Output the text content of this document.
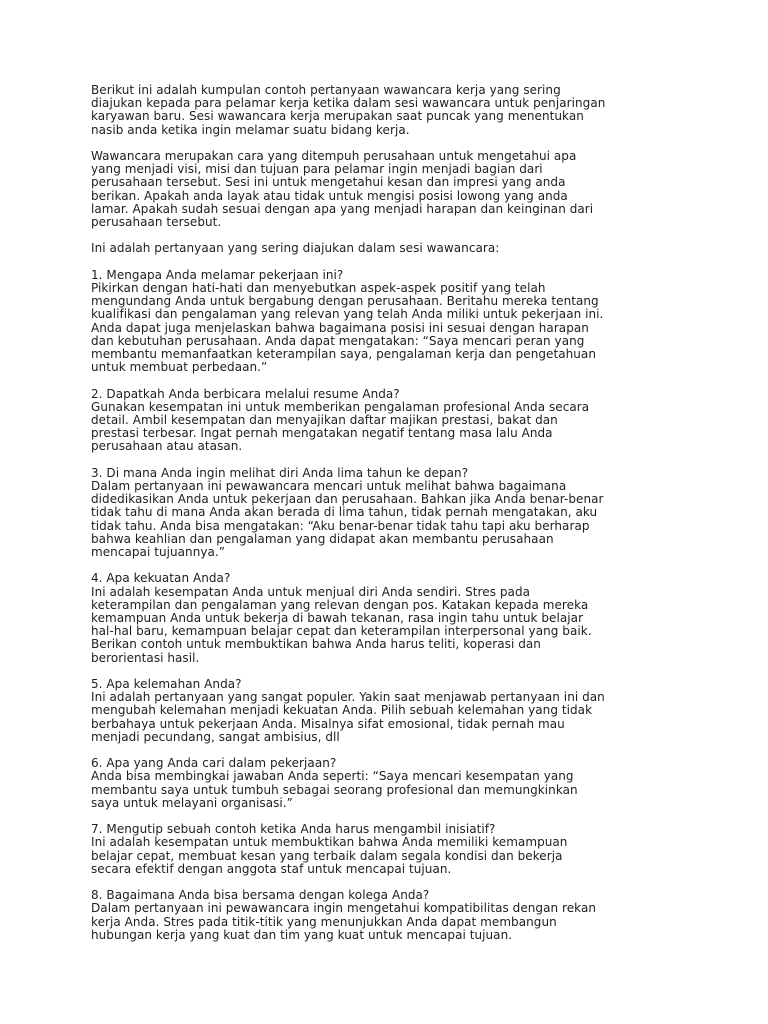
Berikut ini adalah kumpulan contoh pertanyaan wawancara kerja yang sering
diajukan kepada para pelamar kerja ketika dalam sesi wawancara untuk penjaringan
karyawan baru. Sesi wawancara kerja merupakan saat puncak yang menentukan
nasib anda ketika ingin melamar suatu bidang kerja.
Wawancara merupakan cara yang ditempuh perusahaan untuk mengetahui apa
yang menjadi visi, misi dan tujuan para pelamar ingin menjadi bagian dari
perusahaan tersebut. Sesi ini untuk mengetahui kesan dan impresi yang anda
berikan. Apakah anda layak atau tidak untuk mengisi posisi lowong yang anda
lamar. Apakah sudah sesuai dengan apa yang menjadi harapan dan keinginan dari
perusahaan tersebut.
Ini adalah pertanyaan yang sering diajukan dalam sesi wawancara:
1. Mengapa Anda melamar pekerjaan ini?
Pikirkan dengan hati-hati dan menyebutkan aspek-aspek positif yang telah
mengundang Anda untuk bergabung dengan perusahaan. Beritahu mereka tentang
kualifikasi dan pengalaman yang relevan yang telah Anda miliki untuk pekerjaan ini.
Anda dapat juga menjelaskan bahwa bagaimana posisi ini sesuai dengan harapan
dan kebutuhan perusahaan. Anda dapat mengatakan: “Saya mencari peran yang
membantu memanfaatkan keterampilan saya, pengalaman kerja dan pengetahuan
untuk membuat perbedaan.”
2. Dapatkah Anda berbicara melalui resume Anda?
Gunakan kesempatan ini untuk memberikan pengalaman profesional Anda secara
detail. Ambil kesempatan dan menyajikan daftar majikan prestasi, bakat dan
prestasi terbesar. Ingat pernah mengatakan negatif tentang masa lalu Anda
perusahaan atau atasan.
3. Di mana Anda ingin melihat diri Anda lima tahun ke depan?
Dalam pertanyaan ini pewawancara mencari untuk melihat bahwa bagaimana
didedikasikan Anda untuk pekerjaan dan perusahaan. Bahkan jika Anda benar-benar
tidak tahu di mana Anda akan berada di lima tahun, tidak pernah mengatakan, aku
tidak tahu. Anda bisa mengatakan: “Aku benar-benar tidak tahu tapi aku berharap
bahwa keahlian dan pengalaman yang didapat akan membantu perusahaan
mencapai tujuannya.”
4. Apa kekuatan Anda?
Ini adalah kesempatan Anda untuk menjual diri Anda sendiri. Stres pada
keterampilan dan pengalaman yang relevan dengan pos. Katakan kepada mereka
kemampuan Anda untuk bekerja di bawah tekanan, rasa ingin tahu untuk belajar
hal-hal baru, kemampuan belajar cepat dan keterampilan interpersonal yang baik.
Berikan contoh untuk membuktikan bahwa Anda harus teliti, koperasi dan
berorientasi hasil.
5. Apa kelemahan Anda?
Ini adalah pertanyaan yang sangat populer. Yakin saat menjawab pertanyaan ini dan
mengubah kelemahan menjadi kekuatan Anda. Pilih sebuah kelemahan yang tidak
berbahaya untuk pekerjaan Anda. Misalnya sifat emosional, tidak pernah mau
menjadi pecundang, sangat ambisius, dll
6. Apa yang Anda cari dalam pekerjaan?
Anda bisa membingkai jawaban Anda seperti: “Saya mencari kesempatan yang
membantu saya untuk tumbuh sebagai seorang profesional dan memungkinkan
saya untuk melayani organisasi.”
7. Mengutip sebuah contoh ketika Anda harus mengambil inisiatif?
Ini adalah kesempatan untuk membuktikan bahwa Anda memiliki kemampuan
belajar cepat, membuat kesan yang terbaik dalam segala kondisi dan bekerja
secara efektif dengan anggota staf untuk mencapai tujuan.
8. Bagaimana Anda bisa bersama dengan kolega Anda?
Dalam pertanyaan ini pewawancara ingin mengetahui kompatibilitas dengan rekan
kerja Anda. Stres pada titik-titik yang menunjukkan Anda dapat membangun
hubungan kerja yang kuat dan tim yang kuat untuk mencapai tujuan.
